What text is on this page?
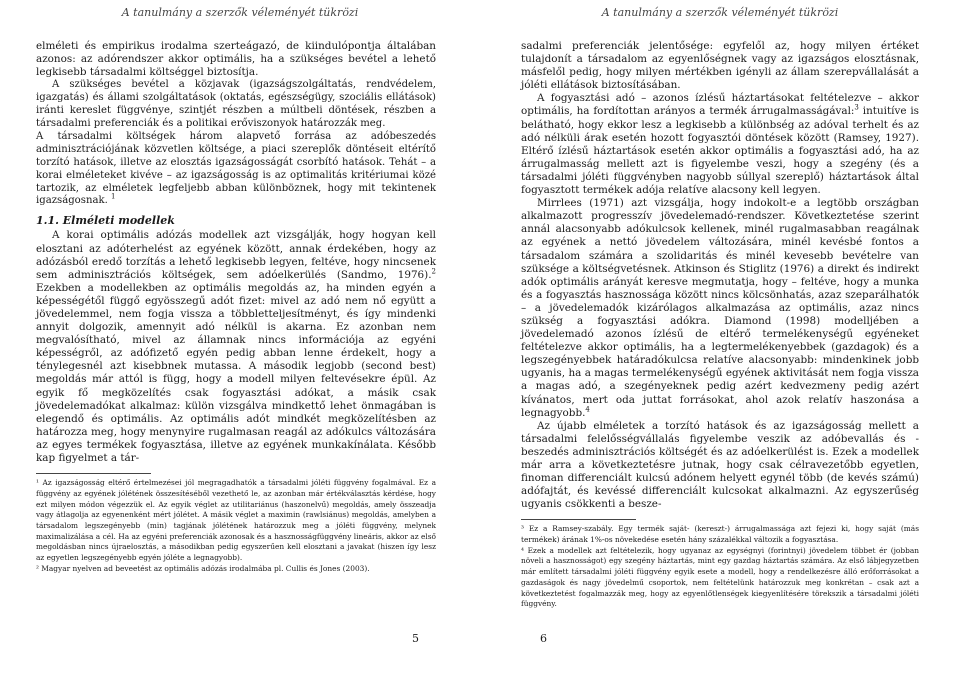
A tanulmány a szerzők véleményét tükrözi

elméleti és empirikus irodalma szerteágazó, de kiindulópontja általában azonos: az adórendszer akkor optimális, ha a szükséges bevétel a lehető legkisebb társadalmi költséggel biztosítja.

A szükséges bevétel a közjavak (igazságszolgáltatás, rendvédelem, igazgatás) és állami szolgáltatások (oktatás, egészségügy, szociális ellátások) iránti kereslet függvénye, szintjét részben a múltbeli döntések, részben a társadalmi preferenciák és a politikai erőviszonyok határozzák meg.

A társadalmi költségek három alapvető forrása az adóbeszedés adminisztrációjának közvetlen költsége, a piaci szereplők döntéseit eltérítő torzító hatások, illetve az elosztás igazságosságát csorbító hatások. Tehát – a korai elméleteket kivéve – az igazságosság is az optimalitás kritériumai közé tartozik, az elméletek legfeljebb abban különböznek, hogy mit tekintenek igazságosnak. $^1$

1.1. Elméleti modellek

A korai optimális adózás modellek azt vizsgálják, hogy hogyan kell elosztani az adóterhelést az egyének között, annak érdekében, hogy az adózásból eredő torzítás a lehető legkisebb legyen, feltéve, hogy nincsenek sem adminisztrációs költségek, sem adóelkerülés (Sandmo, 1976).$^2$ Ezekben a modellekben az optimális megoldás az, ha minden egyén a képességétől függő egyösszegű adót fizet: mivel az adó nem nő együtt a jövedelemmel, nem fogja vissza a többletteljesítményt, és így mindenki annyit dolgozik, amennyit adó nélkül is akarna. Ez azonban nem megvalósítható, mivel az államnak nincs információja az egyéni képességről, az adófizető egyén pedig abban lenne érdekelt, hogy a ténylegesnél azt kisebbnek mutassa. A második legjobb (second best) megoldás már attól is függ, hogy a modell milyen feltevésekre épül. Az egyik fő megközelítés csak fogyasztási adókat, a másik csak jövedelemadókat alkalmaz: külön vizsgálva mindkettő lehet önmagában is elegendő és optimális. Az optimális adót mindkét megközelítésben az határozza meg, hogy menynyire rugalmasan reagál az adókulcs változására az egyes termékek fogyasztása, illetve az egyének munkakínálata. Később kap figyelmet a tár-

¹ Az igazságosság eltérő értelmezései jól megragadhatók a társadalmi jóléti függvény fogalmával. Ez a függvény az egyének jólétének összesítéséből vezethető le, az azonban már értékválasztás kérdése, hogy ezt milyen módon végezzük el. Az egyik véglet az utilitariánus (haszonelvű) megoldás, amely összeadja vagy átlagolja az egyenenként mért jólétet. A másik véglet a maximin (rawlsiánus) megoldás, amelyben a társadalom legszegényebb (min) tagjának jólétének határozzuk meg a jóléti függvény, melynek maximalizálása a cél. Ha az egyéni preferenciák azonosak és a hasznosságfüggvény lineáris, akkor az első megoldásban nincs újraelosztás, a másodikban pedig egyszerűen kell elosztani a javakat (hiszen így lesz az egyetlen legszegényebb egyén jóléte a legnagyobb).

² Magyar nyelven ad beveetést az optimális adózás irodalmába pl. Cullis és Jones (2003).

5
A tanulmány a szerzők véleményét tükrözi

sadalmi preferenciák jelentősége: egyfelől az, hogy milyen értéket tulajdonít a társadalom az egyenlőségnek vagy az igazságos elosztásnak, másfelől pedig, hogy milyen mértékben igényli az állam szerepvállalását a jóléti ellátások biztosításában.

A fogyasztási adó – azonos ízlésű háztartásokat feltételezve – akkor optimális, ha fordítottan arányos a termék árrugalmasságával:$^3$ intuitíve is belátható, hogy ekkor lesz a legkisebb a különbség az adóval terhelt és az adó nélküli árak esetén hozott fogyasztói döntések között (Ramsey, 1927). Eltérő ízlésű háztartások esetén akkor optimális a fogyasztási adó, ha az árrugalmasság mellett azt is figyelembe veszi, hogy a szegény (és a társadalmi jóléti függvényben nagyobb súllyal szereplő) háztartások által fogyasztott termékek adója relatíve alacsony kell legyen.

Mirrlees (1971) azt vizsgálja, hogy indokolt-e a legtöbb országban alkalmazott progresszív jövedelemadó-rendszer. Következtetése szerint annál alacsonyabb adókulcsok kellenek, minél rugalmasabban reagálnak az egyének a nettó jövedelem változására, minél kevésbé fontos a társadalom számára a szolidaritás és minél kevesebb bevételre van szüksége a költségvetésnek. Atkinson és Stiglitz (1976) a direkt és indirekt adók optimális arányát keresve megmutatja, hogy – feltéve, hogy a munka és a fogyasztás hasznossága között nincs kölcsönhatás, azaz szeparálhatók – a jövedelemadók kizárólagos alkalmazása az optimális, azaz nincs szükség a fogyasztási adókra. Diamond (1998) modelljében a jövedelemadó azonos ízlésű de eltérő termelékenységű egyéneket feltételezve akkor optimális, ha a legtermelékenyebbek (gazdagok) és a legszegényebbek határadókulcsa relatíve alacsonyabb: mindenkinek jobb ugyanis, ha a magas termelékenységű egyének aktivitását nem fogja vissza a magas adó, a szegényeknek pedig azért kedvezmeny pedig azért kívánatos, mert oda juttat forrásokat, ahol azok relatív haszonása a legnagyobb.$^4$

Az újabb elméletek a torzító hatások és az igazságosság mellett a társadalmi felelősségvállalás figyelembe veszik az adóbevallás és -beszedés adminisztrációs költségét és az adóelkerülést is. Ezek a modellek már arra a következtetésre jutnak, hogy csak célravezetőbb egyetlen, finoman differenciált kulcsú adónem helyett egynél több (de kevés számú) adófajtát, és kevéssé differenciált kulcsokat alkalmazni. Az egyszerűség ugyanis csökkenti a besze-

³ Ez a Ramsey-szabály. Egy termék saját- (kereszt-) árrugalmassága azt fejezi ki, hogy saját (más termékek) árának 1%-os növekedése esetén hány százalékkal változik a fogyasztása.

⁴ Ezek a modellek azt feltételezik, hogy ugyanaz az egységnyi (forintnyi) jövedelem többet ér (jobban növeli a hasznosságot) egy szegény háztartás, mint egy gazdag háztartás számára. Az első lábjegyzetben már említett társadalmi jóléti függvény egyik esete a modell, hogy a rendelkezésre álló erőforrásokat a gazdaságok és nagy jövedelmű csoportok, nem feltételünk határozzuk meg konkrétan – csak azt a következtetést fogalmazzák meg, hogy az egyenlőtlenségek kiegyenlítésére törekszik a társadalmi jóléti függvény.

6
